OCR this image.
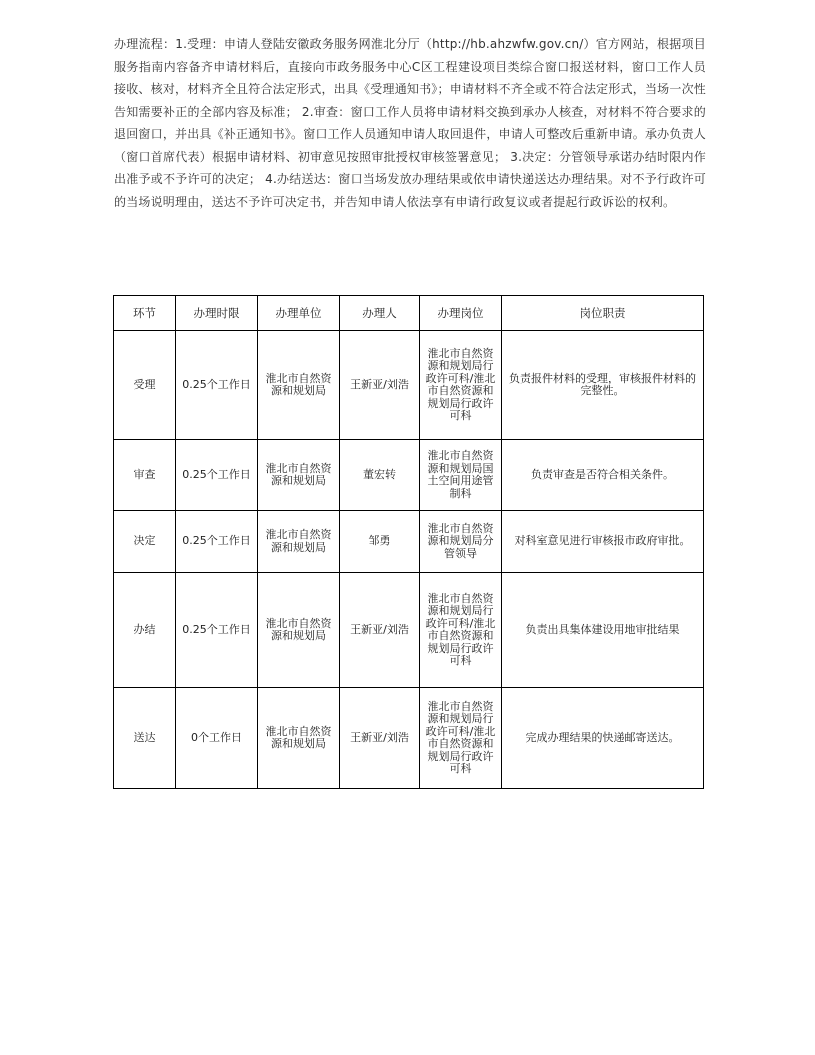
办理流程：1.受理：申请人登陆安徽政务服务网淮北分厅（http://hb.ahzwfw.gov.cn/）官方网站，根据项目服务指南内容备齐申请材料后，直接向市政务服务中心C区工程建设项目类综合窗口报送材料，窗口工作人员接收、核对，材料齐全且符合法定形式，出具《受理通知书》；申请材料不齐全或不符合法定形式，当场一次性告知需要补正的全部内容及标准； 2.审查：窗口工作人员将申请材料交换到承办人核查，对材料不符合要求的退回窗口，并出具《补正通知书》。窗口工作人员通知申请人取回退件，申请人可整改后重新申请。承办负责人（窗口首席代表）根据申请材料、初审意见按照审批授权审核签署意见； 3.决定：分管领导承诺办结时限内作出准予或不予许可的决定； 4.办结送达：窗口当场发放办理结果或依申请快递送达办理结果。对不予行政许可的当场说明理由，送达不予许可决定书，并告知申请人依法享有申请行政复议或者提起行政诉讼的权利。
环节	办理时限	办理单位	办理人	办理岗位	岗位职责
受理	0.25个工作日	淮北市自然资源和规划局	王新亚/刘浩	淮北市自然资源和规划局行政许可科/淮北市自然资源和规划局行政许可科	负责报件材料的受理，审核报件材料的完整性。
审查	0.25个工作日	淮北市自然资源和规划局	董宏转	淮北市自然资源和规划局国土空间用途管制科	负责审查是否符合相关条件。
决定	0.25个工作日	淮北市自然资源和规划局	邹勇	淮北市自然资源和规划局分管领导	对科室意见进行审核报市政府审批。
办结	0.25个工作日	淮北市自然资源和规划局	王新亚/刘浩	淮北市自然资源和规划局行政许可科/淮北市自然资源和规划局行政许可科	负责出具集体建设用地审批结果
送达	0个工作日	淮北市自然资源和规划局	王新亚/刘浩	淮北市自然资源和规划局行政许可科/淮北市自然资源和规划局行政许可科	完成办理结果的快递邮寄送达。
